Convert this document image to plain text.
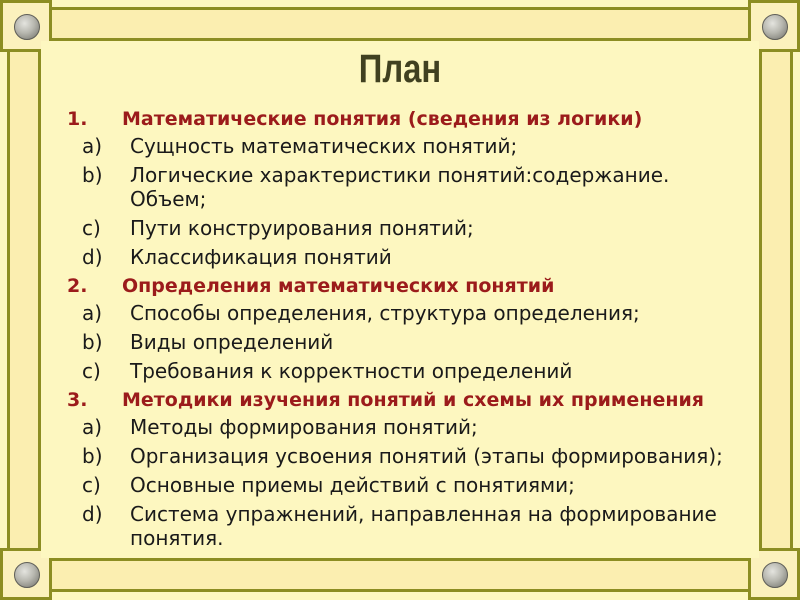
План
1.	Математические понятия (сведения из логики)
a)	Сущность математических понятий;
b)	Логические характеристики понятий:содержание. Объем;
c)	Пути конструирования понятий;
d)	Классификация понятий
2.	Определения математических понятий
a)	Способы определения, структура определения;
b)	Виды определений
c)	Требования к корректности определений
3.	Методики изучения понятий и схемы их применения
a)	Методы формирования понятий;
b)	Организация усвоения понятий (этапы формирования);
c)	Основные приемы действий с понятиями;
d)	Система упражнений, направленная на формирование понятия.
